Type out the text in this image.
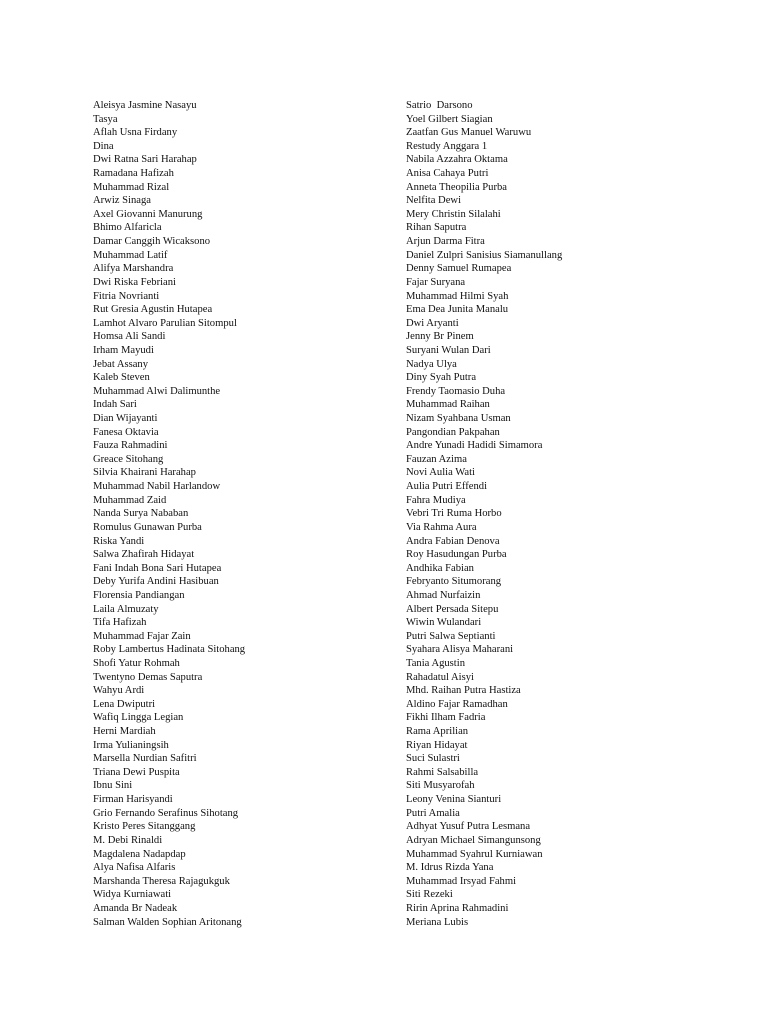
Aleisya Jasmine Nasayu
Tasya
Aflah Usna Firdany
Dina
Dwi Ratna Sari Harahap
Ramadana Hafizah
Muhammad Rizal
Arwiz Sinaga
Axel Giovanni Manurung
Bhimo Alfaricla
Damar Canggih Wicaksono
Muhammad Latif
Alifya Marshandra
Dwi Riska Febriani
Fitria Novrianti
Rut Gresia Agustin Hutapea
Lamhot Alvaro Parulian Sitompul
Homsa Ali Sandi
Irham Mayudi
Jebat Assany
Kaleb Steven
Muhammad Alwi Dalimunthe
Indah Sari
Dian Wijayanti
Fanesa Oktavia
Fauza Rahmadini
Greace Sitohang
Silvia Khairani Harahap
Muhammad Nabil Harlandow
Muhammad Zaid
Nanda Surya Nababan
Romulus Gunawan Purba
Riska Yandi
Salwa Zhafirah Hidayat
Fani Indah Bona Sari Hutapea
Deby Yurifa Andini Hasibuan
Florensia Pandiangan
Laila Almuzaty
Tifa Hafizah
Muhammad Fajar Zain
Roby Lambertus Hadinata Sitohang
Shofi Yatur Rohmah
Twentyno Demas Saputra
Wahyu Ardi
Lena Dwiputri
Wafiq Lingga Legian
Herni Mardiah
Irma Yulianingsih
Marsella Nurdian Safitri
Triana Dewi Puspita
Ibnu Sini
Firman Harisyandi
Grio Fernando Serafinus Sihotang
Kristo Peres Sitanggang
M. Debi Rinaldi
Magdalena Nadapdap
Alya Nafisa Alfaris
Marshanda Theresa Rajagukguk
Widya Kurniawati
Amanda Br Nadeak
Salman Walden Sophian Aritonang
Satrio  Darsono
Yoel Gilbert Siagian
Zaatfan Gus Manuel Waruwu
Restudy Anggara 1
Nabila Azzahra Oktama
Anisa Cahaya Putri
Anneta Theopilia Purba
Nelfita Dewi
Mery Christin Silalahi
Rihan Saputra
Arjun Darma Fitra
Daniel Zulpri Sanisius Siamanullang
Denny Samuel Rumapea
Fajar Suryana
Muhammad Hilmi Syah
Ema Dea Junita Manalu
Dwi Aryanti
Jenny Br Pinem
Suryani Wulan Dari
Nadya Ulya
Diny Syah Putra
Frendy Taomasio Duha
Muhammad Raihan
Nizam Syahbana Usman
Pangondian Pakpahan
Andre Yunadi Hadidi Simamora
Fauzan Azima
Novi Aulia Wati
Aulia Putri Effendi
Fahra Mudiya
Vebri Tri Ruma Horbo
Via Rahma Aura
Andra Fabian Denova
Roy Hasudungan Purba
Andhika Fabian
Febryanto Situmorang
Ahmad Nurfaizin
Albert Persada Sitepu
Wiwin Wulandari
Putri Salwa Septianti
Syahara Alisya Maharani
Tania Agustin
Rahadatul Aisyi
Mhd. Raihan Putra Hastiza
Aldino Fajar Ramadhan
Fikhi Ilham Fadria
Rama Aprilian
Riyan Hidayat
Suci Sulastri
Rahmi Salsabilla
Siti Musyarofah
Leony Venina Sianturi
Putri Amalia
Adhyat Yusuf Putra Lesmana
Adryan Michael Simangunsong
Muhammad Syahrul Kurniawan
M. Idrus Rizda Yana
Muhammad Irsyad Fahmi
Siti Rezeki
Ririn Aprina Rahmadini
Meriana Lubis
